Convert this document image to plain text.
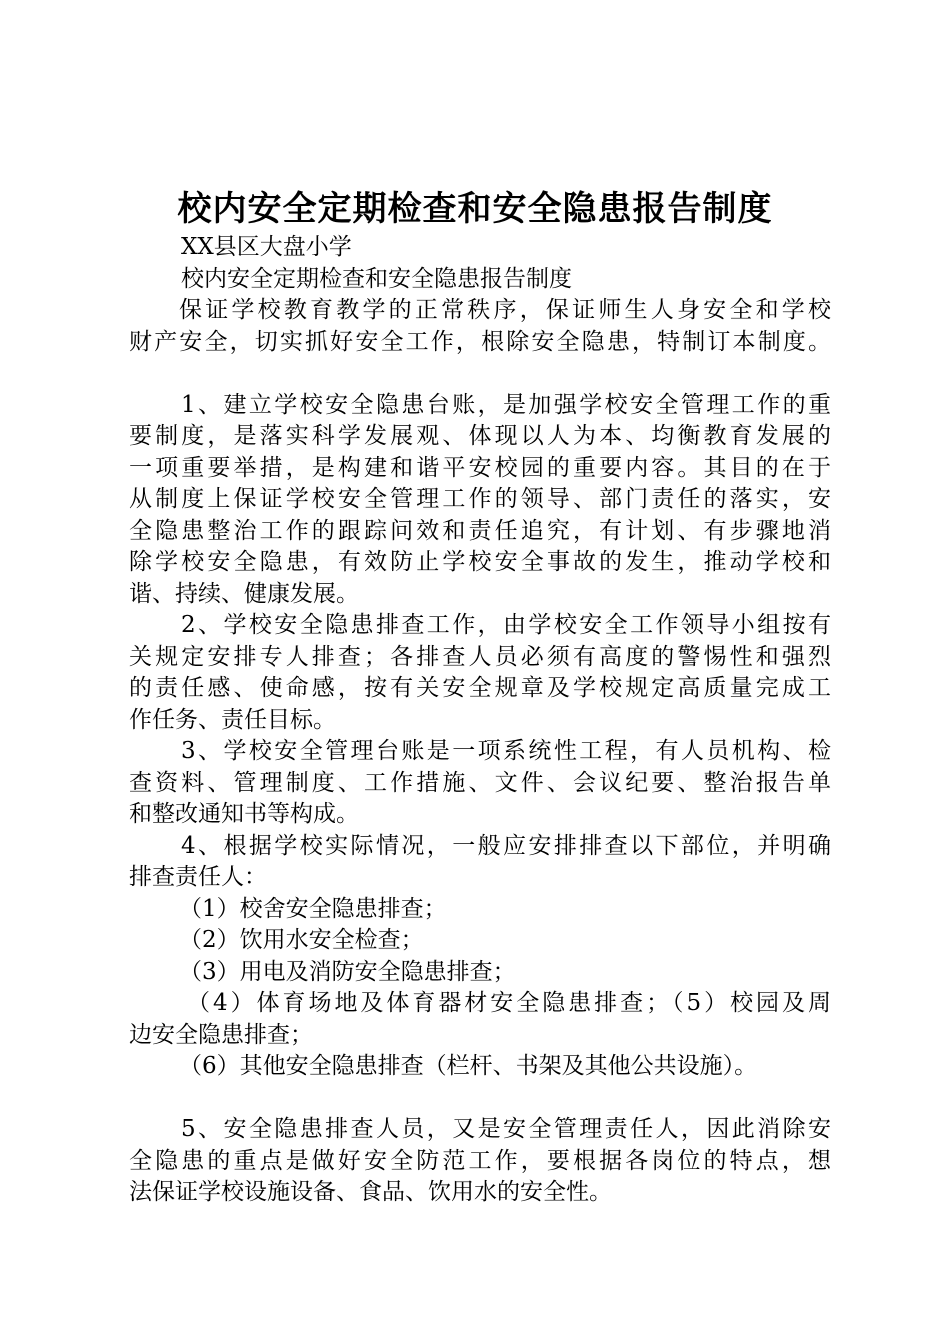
校内安全定期检查和安全隐患报告制度
XX县区大盘小学
校内安全定期检查和安全隐患报告制度
保证学校教育教学的正常秩序，保证师生人身安全和学校
财产安全，切实抓好安全工作，根除安全隐患，特制订本制度。
1、建立学校安全隐患台账，是加强学校安全管理工作的重
要制度，是落实科学发展观、体现以人为本、均衡教育发展的
一项重要举措，是构建和谐平安校园的重要内容。其目的在于
从制度上保证学校安全管理工作的领导、部门责任的落实，安
全隐患整治工作的跟踪问效和责任追究，有计划、有步骤地消
除学校安全隐患，有效防止学校安全事故的发生，推动学校和
谐、持续、健康发展。
2、学校安全隐患排查工作，由学校安全工作领导小组按有
关规定安排专人排查；各排查人员必须有高度的警惕性和强烈
的责任感、使命感，按有关安全规章及学校规定高质量完成工
作任务、责任目标。
3、学校安全管理台账是一项系统性工程，有人员机构、检
查资料、管理制度、工作措施、文件、会议纪要、整治报告单
和整改通知书等构成。
4、根据学校实际情况，一般应安排排查以下部位，并明确
排查责任人：
（1）校舍安全隐患排查；
（2）饮用水安全检查；
（3）用电及消防安全隐患排查；
（4）体育场地及体育器材安全隐患排查；（5）校园及周
边安全隐患排查；
（6）其他安全隐患排查（栏杆、书架及其他公共设施）。
5、安全隐患排查人员，又是安全管理责任人，因此消除安
全隐患的重点是做好安全防范工作，要根据各岗位的特点，想
法保证学校设施设备、食品、饮用水的安全性。
